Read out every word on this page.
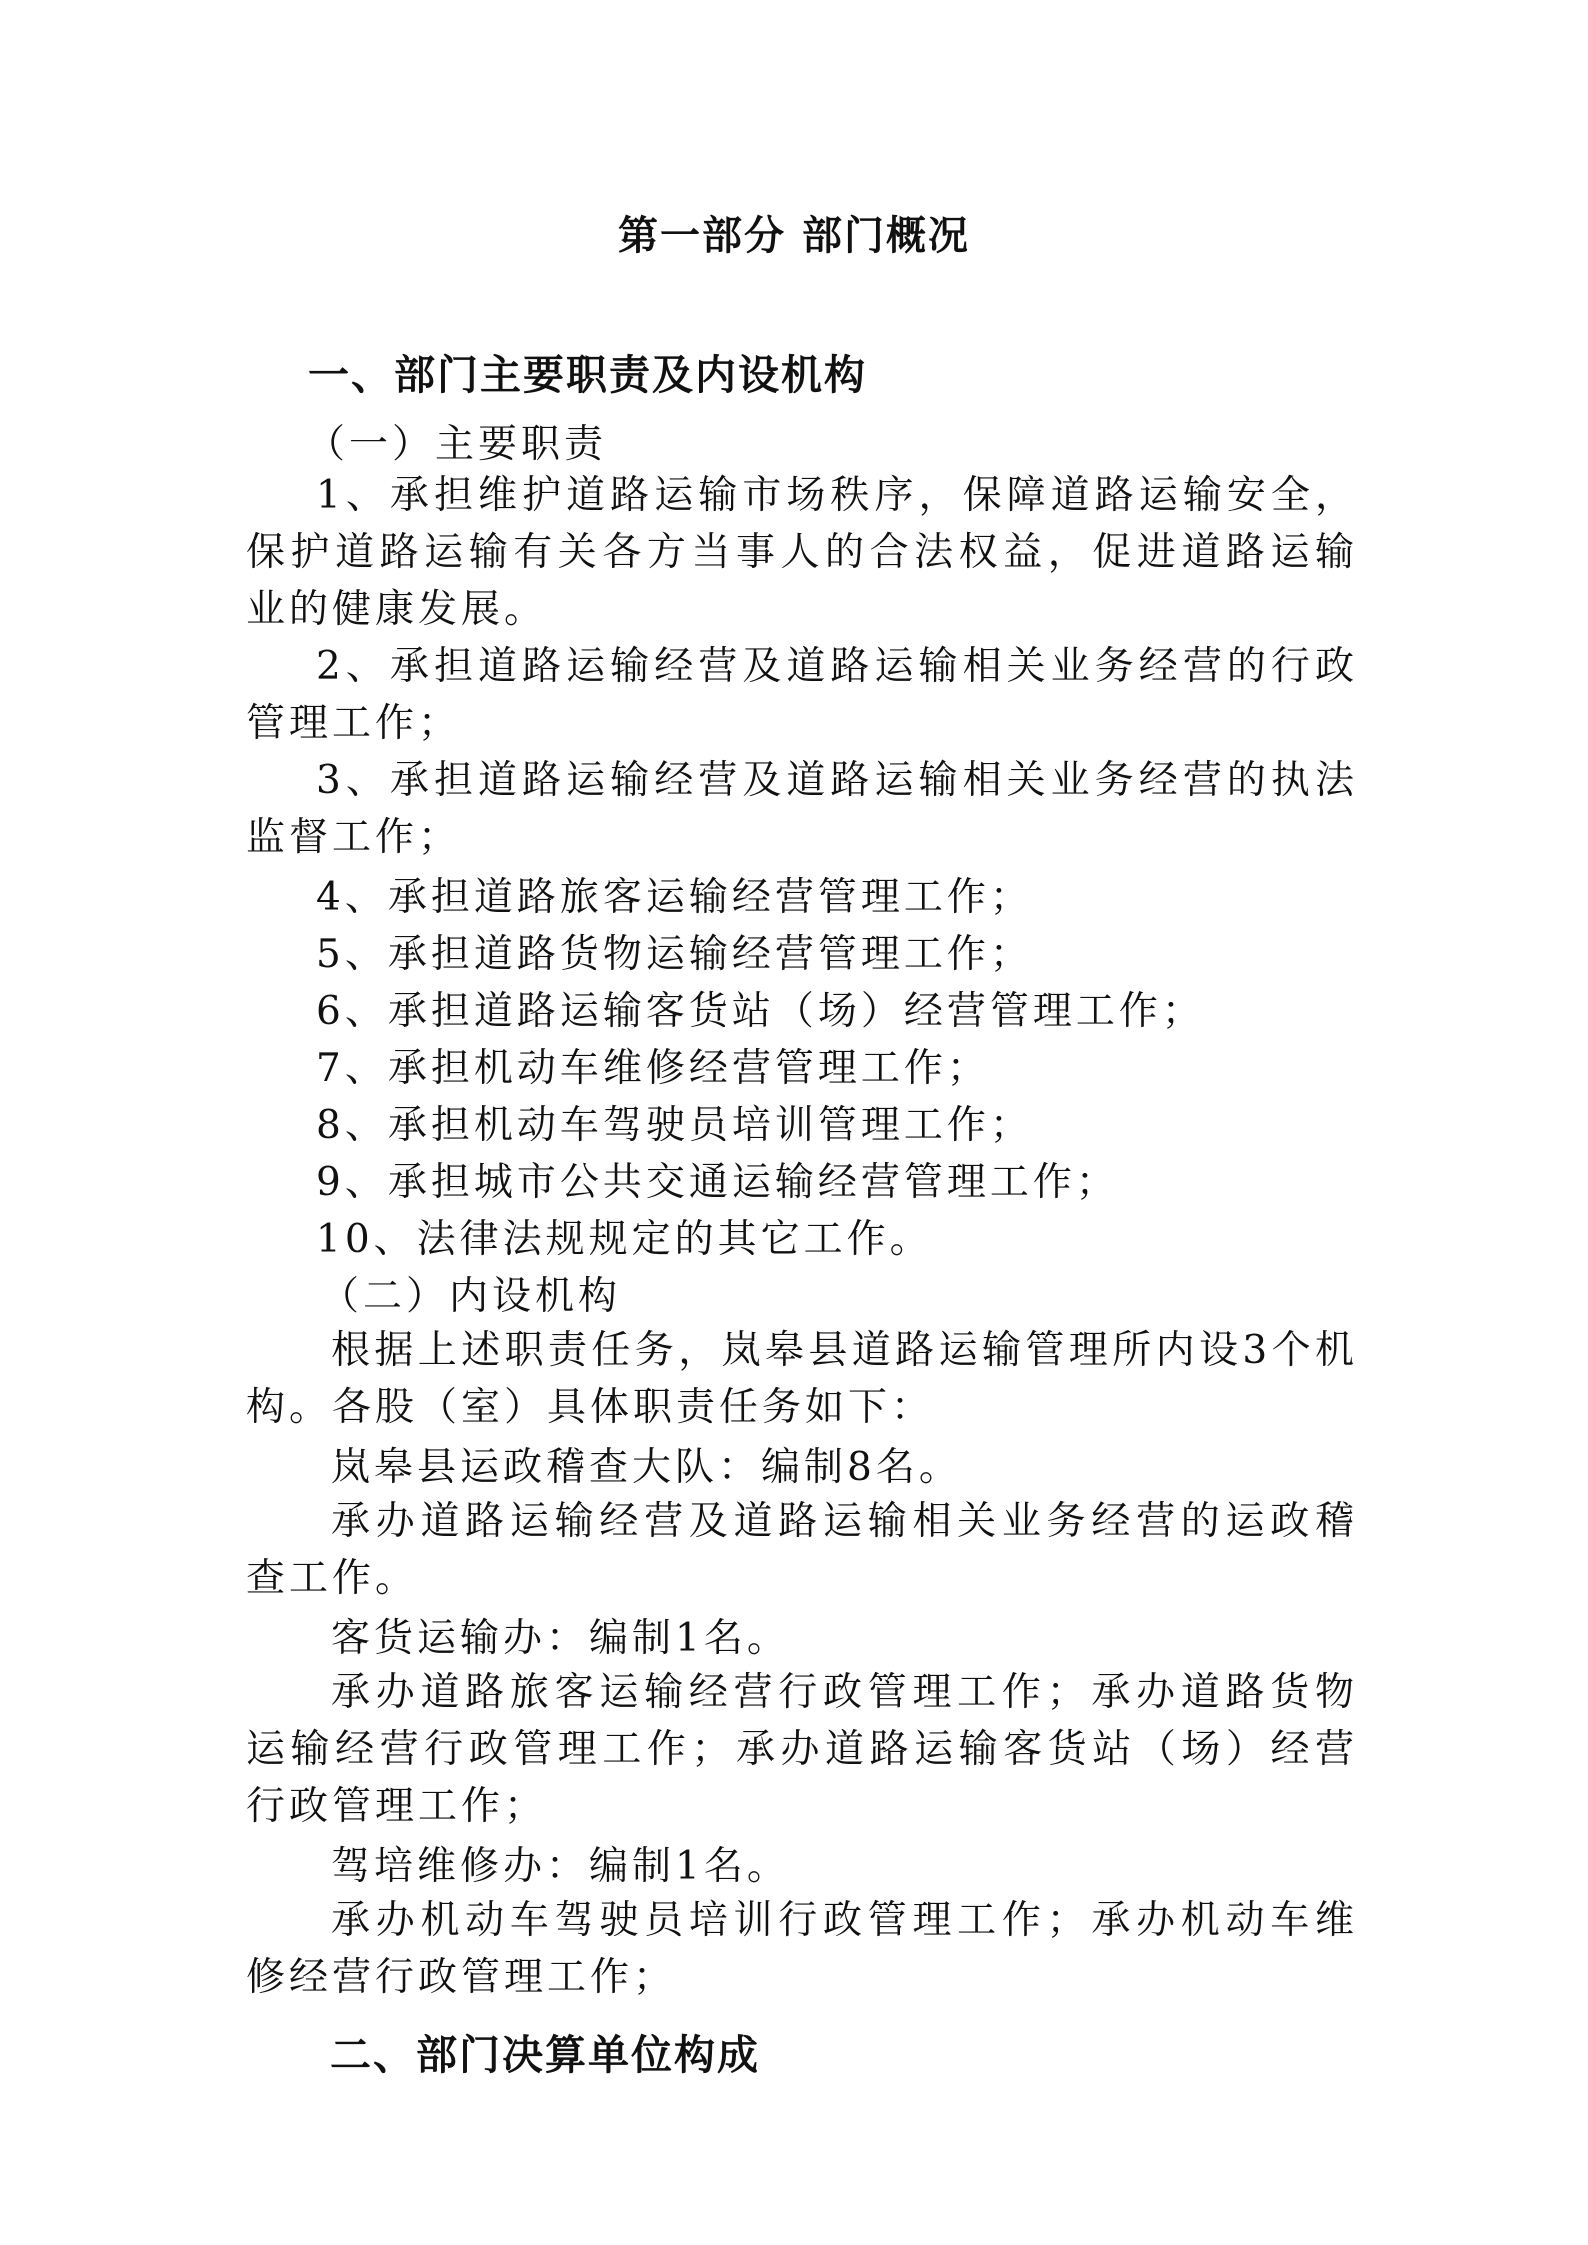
第一部分 部门概况
一、部门主要职责及内设机构
（一）主要职责
1、承担维护道路运输市场秩序，保障道路运输安全，保护道路运输有关各方当事人的合法权益，促进道路运输业的健康发展。
2、承担道路运输经营及道路运输相关业务经营的行政管理工作；
3、承担道路运输经营及道路运输相关业务经营的执法监督工作；
4、承担道路旅客运输经营管理工作；
5、承担道路货物运输经营管理工作；
6、承担道路运输客货站（场）经营管理工作；
7、承担机动车维修经营管理工作；
8、承担机动车驾驶员培训管理工作；
9、承担城市公共交通运输经营管理工作；
10、法律法规规定的其它工作。
（二）内设机构
根据上述职责任务，岚皋县道路运输管理所内设3个机构。各股（室）具体职责任务如下：
岚皋县运政稽查大队：编制8名。
承办道路运输经营及道路运输相关业务经营的运政稽查工作。
客货运输办：编制1名。
承办道路旅客运输经营行政管理工作；承办道路货物运输经营行政管理工作；承办道路运输客货站（场）经营行政管理工作；
驾培维修办：编制1名。
承办机动车驾驶员培训行政管理工作；承办机动车维修经营行政管理工作；
二、部门决算单位构成
